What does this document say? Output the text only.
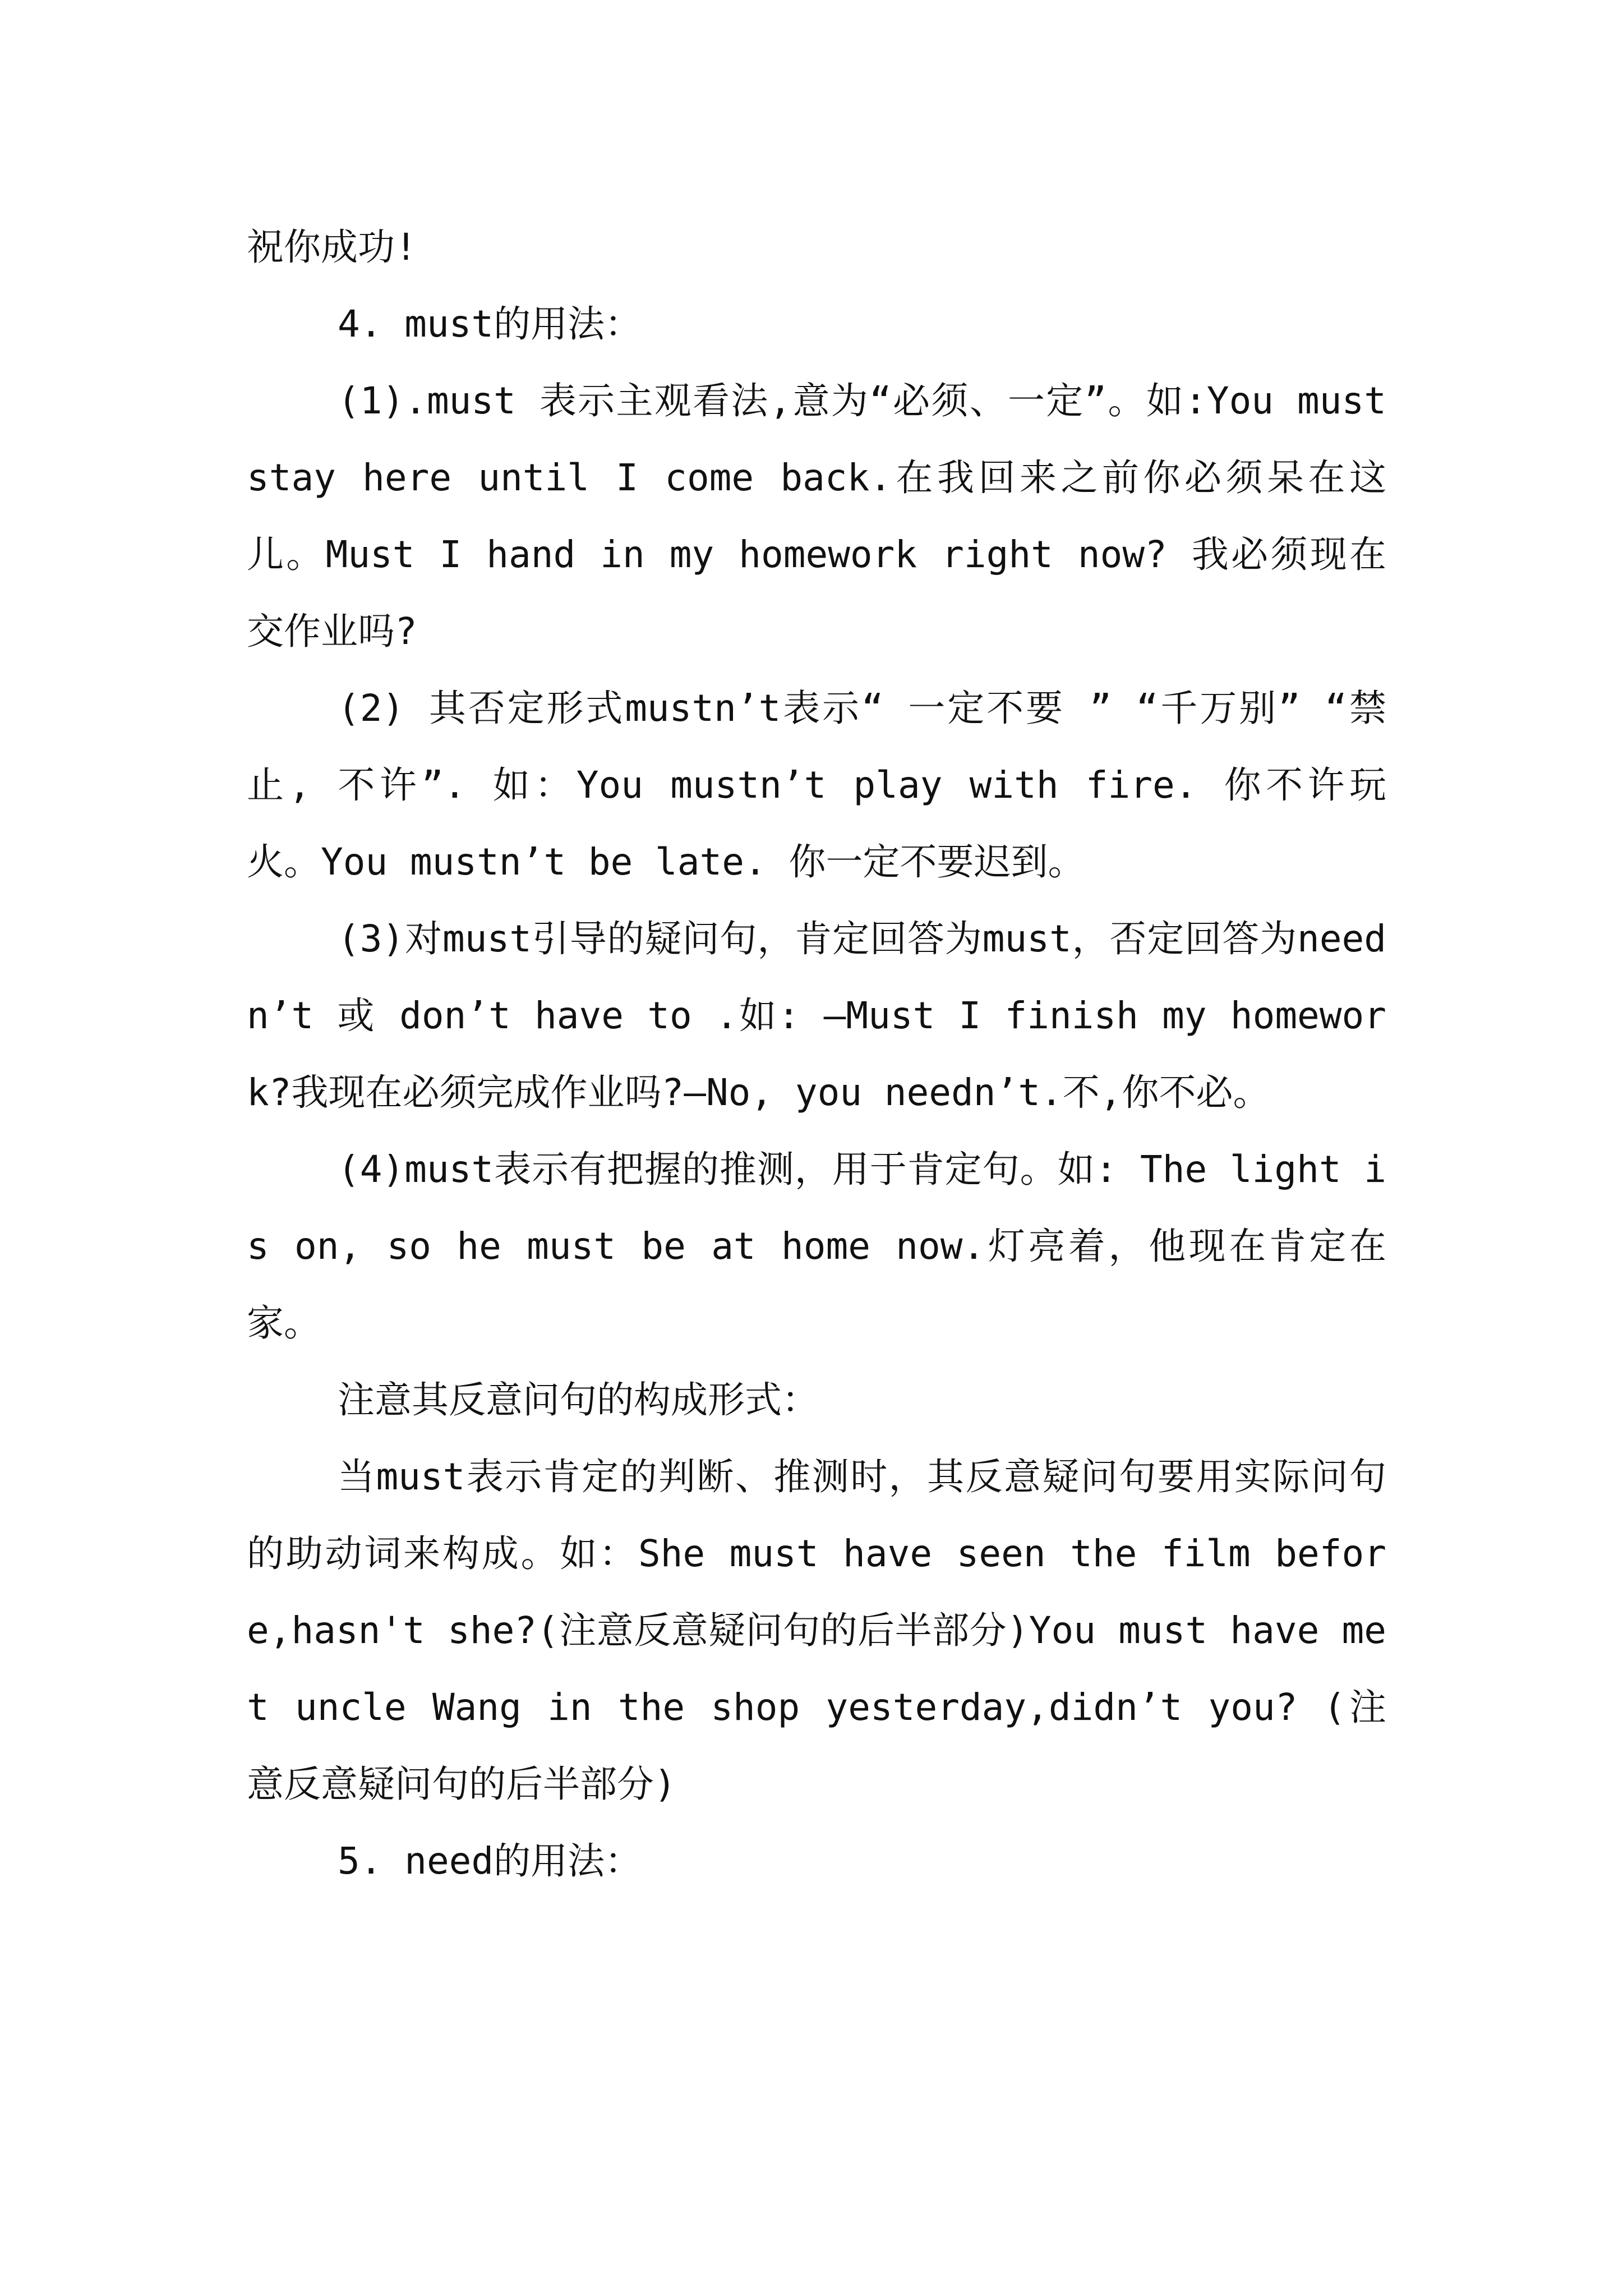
祝你成功!

4. must的用法：

(1).must 表示主观看法,意为“必须、一定”。如:You must stay here until I come back.在我回来之前你必须呆在这儿。Must I hand in my homework right now? 我必须现在交作业吗?

(2) 其否定形式mustn’t表示“ 一定不要 ” “千万别” “禁止, 不许”. 如：You mustn’t play with fire. 你不许玩火。You mustn’t be late. 你一定不要迟到。

(3)对must引导的疑问句，肯定回答为must，否定回答为needn’t 或 don’t have to .如: —Must I finish my homework?我现在必须完成作业吗?—No, you needn’t.不,你不必。

(4)must表示有把握的推测，用于肯定句。如: The light is on, so he must be at home now.灯亮着，他现在肯定在家。

注意其反意问句的构成形式：

当must表示肯定的判断、推测时，其反意疑问句要用实际问句的助动词来构成。如：She must have seen the film before,hasn't she?(注意反意疑问句的后半部分)You must have met uncle Wang in the shop yesterday,didn’t you? (注意反意疑问句的后半部分)

5. need的用法：
